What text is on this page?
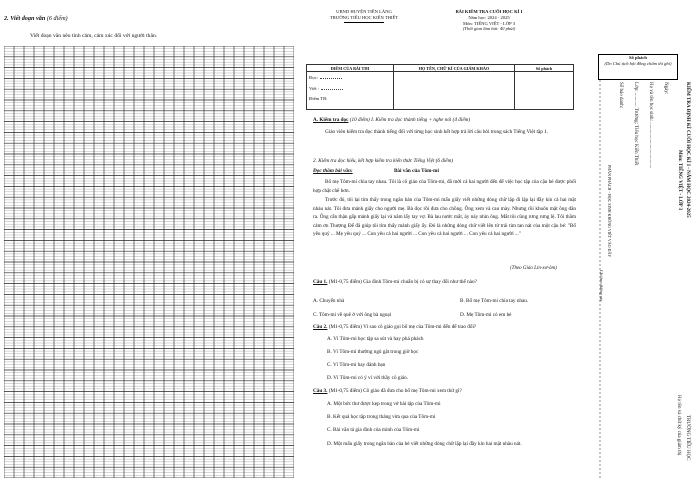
2. Viết đoạn văn (6 điểm)
Viết đoạn văn nêu tình cảm, cảm xúc đối với người thân.
UBND HUYỆN TIÊN LÃNG
TRƯỜNG TIỂU HỌC KIẾN THIẾT
BÀI KIỂM TRA CUỐI HỌC KÌ I
Năm học: 2024 - 2025
Môn: TIẾNG VIỆT - LỚP 3
(Thời gian làm bài: 40 phút)
ĐIỂM CỦA BÀI THI	HỌ TÊN, CHỮ KÍ CỦA GIÁM KHẢO	Số phách

Đọc:
Viết :
Điểm TB:		

A. Kiểm tra đọc (10 điểm) I. Kiểm tra đọc thành tiếng + nghe nói (4 điểm)
Giáo viên kiểm tra đọc thành tiếng đối với từng học sinh kết hợp trả lời câu hỏi trong sách Tiếng Việt tập 1.
2. Kiểm tra đọc hiểu, kết hợp kiểm tra kiến thức Tiếng Việt (6 điểm)
Đọc thầm bài văn:	Bài văn của Tôm-mi
Bố mẹ Tôm-mi chia tay nhau. Tôi là cô giáo của Tôm-mi, đã mời cả hai người đến để việc học tập của cậu bé được phối hợp chặt chẽ hơn.
Trước đó, tôi lại tìm thấy trong ngăn bàn của Tôm-mi mẩu giấy viết những dòng chữ lặp đi lặp lại đầy kín cả hai mặt nhàu nát. Tôi đưa mảnh giấy cho người mẹ. Bà đọc rồi đưa cho chồng. Ông xem và cau mày. Nhưng rồi khuôn mặt ông dãn ra. Ông cẩn thận gấp mảnh giấy lại và nắm lấy tay vợ. Bà lau nước mắt, áy náy nhìn ông. Mắt tôi cũng rưng rưng lệ. Tôi thầm cảm ơn Thượng Đế đã giúp tôi tìm thấy mảnh giấy ấy. Đó là những dòng chữ viết lên từ trái tim tan nát của một cậu bé: "Bố yêu quý ... Mẹ yêu quý ... Con yêu cả hai người ... Con yêu cả hai người ... Con yêu cả hai người ..."
(Theo Giáo Lin-xơ-ôm)
Câu 1. (M1-0,75 điểm) Gia đình Tôm-mi chuẩn bị có sự thay đổi như thế nào?
A. Chuyển nhà	B. Bố mẹ Tôm-mi chia tay nhau.
C. Tôm-mi về quê ở với ông bà ngoại	D. Mẹ Tôm-mi có em bé
Câu 2. (M1-0,75 điểm) Vì sao cô giáo gọi bố mẹ của Tôm-mi đến để trao đổi?
A. Vì Tôm-mi học tập sa sút và hay phá phách
B. Vì Tôm-mi thường ngủ gật trong giờ học
C. Vì Tôm-mi hay đánh bạn
D. Vì Tôm-mi có ý ví với thầy cô giáo.
Câu 3. (M1-0,75 điểm) Cô giáo đã đưa cho bố mẹ Tôm-mi xem thứ gì?
A. Một bức thư được kẹp trong vở bài tập của Tôm-mi
B. Kết quả học tập trong tháng vừa qua của Tôm-mi
C. Bài văn tả gia đình của mình của Tôm-mi
D. Một mẩu giấy trong ngăn bàn của bé viết những dòng chữ lặp lại đầy kín hai mặt nhàu nát.
Số phách
(Do Chủ tịch hội đồng chấm thi ghi)
KIỂM TRA ĐỊNH KÌ CUỐI HỌC KÌ I - NĂM HỌC 2024-2025
Môn: TIẾNG VIỆT - LỚP 3
Ngày:
Họ và tên học sinh: .....................................
Lớp: ........... Trường: Tiểu học Kiến Thiết
Số báo danh:
PHẦN PHÁCH - HỌC SINH KHÔNG VIẾT VÀO ĐÂY
Cắt theo đường này
TRƯỜNG TIỂU HỌC
Họ tên và chữ ký của giám thị
